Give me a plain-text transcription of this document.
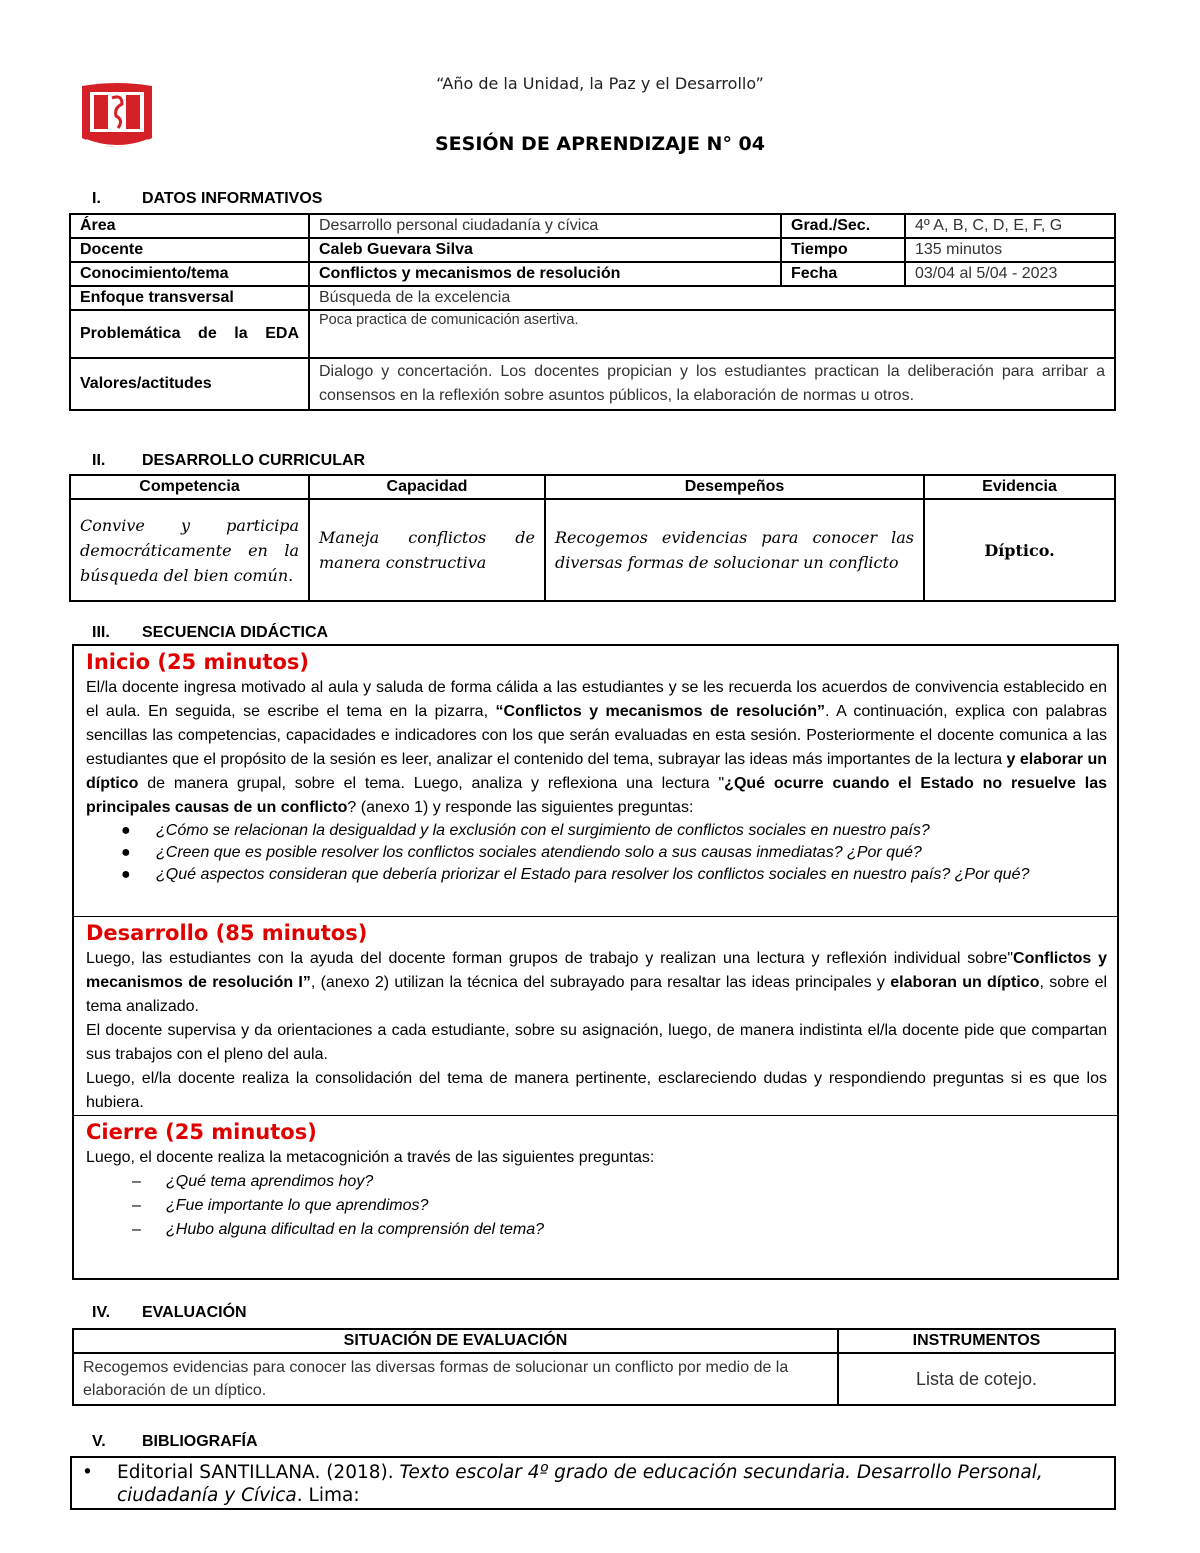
“Año de la Unidad, la Paz y el Desarrollo”
SESIÓN DE APRENDIZAJE N° 04
I.	DATOS INFORMATIVOS
Área	Desarrollo personal ciudadanía y cívica	Grad./Sec.	4º A, B, C, D, E, F, G
Docente	Caleb Guevara Silva	Tiempo	135 minutos
Conocimiento/tema	Conflictos y mecanismos de resolución	Fecha	03/04 al 5/04 - 2023
Enfoque transversal	Búsqueda de la excelencia		
Problemática de la EDA	Poca practica de comunicación asertiva.		
Valores/actitudes	Dialogo y concertación. Los docentes propician y los estudiantes practican la deliberación para arribar a consensos en la reflexión sobre asuntos públicos, la elaboración de normas u otros.		
II. DESARROLLO CURRICULAR
Competencia	Capacidad	Desempeños	Evidencia
Convive y participa democráticamente en la búsqueda del bien común.	Maneja conflictos de manera constructiva	Recogemos evidencias para conocer las diversas formas de solucionar un conflicto	Díptico.
III. SECUENCIA DIDÁCTICA
Inicio (25 minutos)
El/la docente ingresa motivado al aula y saluda de forma cálida a las estudiantes y se les recuerda los acuerdos de convivencia establecido en el aula. En seguida, se escribe el tema en la pizarra, “Conflictos y mecanismos de resolución”. A continuación, explica con palabras sencillas las competencias, capacidades e indicadores con los que serán evaluadas en esta sesión. Posteriormente el docente comunica a las estudiantes que el propósito de la sesión es leer, analizar el contenido del tema, subrayar las ideas más importantes de la lectura y elaborar un díptico de manera grupal, sobre el tema. Luego, analiza y reflexiona una lectura "¿Qué ocurre cuando el Estado no resuelve las principales causas de un conflicto? (anexo 1) y responde las siguientes preguntas:
● ¿Cómo se relacionan la desigualdad y la exclusión con el surgimiento de conflictos sociales en nuestro país?
● ¿Creen que es posible resolver los conflictos sociales atendiendo solo a sus causas inmediatas? ¿Por qué?
● ¿Qué aspectos consideran que debería priorizar el Estado para resolver los conflictos sociales en nuestro país? ¿Por qué?
Desarrollo (85 minutos)
Luego, las estudiantes con la ayuda del docente forman grupos de trabajo y realizan una lectura y reflexión individual sobre"Conflictos y mecanismos de resolución I”, (anexo 2) utilizan la técnica del subrayado para resaltar las ideas principales y elaboran un díptico, sobre el tema analizado.
El docente supervisa y da orientaciones a cada estudiante, sobre su asignación, luego, de manera indistinta el/la docente pide que compartan sus trabajos con el pleno del aula.
Luego, el/la docente realiza la consolidación del tema de manera pertinente, esclareciendo dudas y respondiendo preguntas si es que los hubiera.
Cierre (25 minutos)
Luego, el docente realiza la metacognición a través de las siguientes preguntas:
– ¿Qué tema aprendimos hoy?
– ¿Fue importante lo que aprendimos?
– ¿Hubo alguna dificultad en la comprensión del tema?
IV. EVALUACIÓN
SITUACIÓN DE EVALUACIÓN	INSTRUMENTOS
Recogemos evidencias para conocer las diversas formas de solucionar un conflicto por medio de la elaboración de un díptico.	Lista de cotejo.
V. BIBLIOGRAFÍA
• Editorial SANTILLANA. (2018). Texto escolar 4º grado de educación secundaria. Desarrollo Personal, ciudadanía y Cívica. Lima:
